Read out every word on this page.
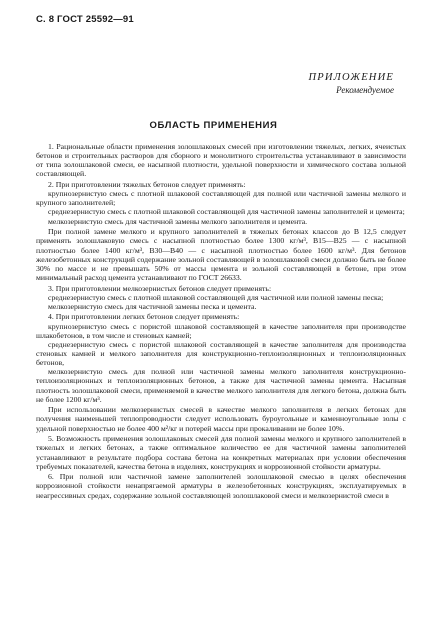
С. 8 ГОСТ 25592—91
ПРИЛОЖЕНИЕ
Рекомендуемое
ОБЛАСТЬ ПРИМЕНЕНИЯ

1. Рациональные области применения золошлаковых смесей при изготовлении тяжелых, легких, ячеистых бетонов и строительных растворов для сборного и монолитного строительства устанавливают в зависимости от типа золошлаковой смеси, ее насыпной плотности, удельной поверхности и химического состава зольной составляющей.

2. При приготовлении тяжелых бетонов следует применять:

крупнозернистую смесь с плотной шлаковой составляющей для полной или частичной замены мелкого и крупного заполнителей;

среднезернистую смесь с плотной шлаковой составляющей для частичной замены заполнителей и цемента;

мелкозернистую смесь для частичной замены мелкого заполнителя и цемента.

При полной замене мелкого и крупного заполнителей в тяжелых бетонах классов до В 12,5 следует применять золошлаковую смесь с насыпной плотностью более 1300 кг/м³, В15—В25 — с насыпной плотностью более 1400 кг/м³, В30—В40 — с насыпной плотностью более 1600 кг/м³. Для бетонов железобетонных конструкций содержание зольной составляющей в золошлаковой смеси должно быть не более 30% по массе и не превышать 50% от массы цемента и зольной составляющей в бетоне, при этом минимальный расход цемента устанавливают по ГОСТ 26633.

3. При приготовлении мелкозернистых бетонов следует применять:

среднезернистую смесь с плотной шлаковой составляющей для частичной или полной замены песка;

мелкозернистую смесь для частичной замены песка и цемента.

4. При приготовлении легких бетонов следует применять:

крупнозернистую смесь с пористой шлаковой составляющей в качестве заполнителя при производстве шлакобетонов, в том числе и стеновых камней;

среднезернистую смесь с пористой шлаковой составляющей в качестве заполнителя для производства стеновых камней и мелкого заполнителя для конструкционно-теплоизоляционных и теплоизоляционных бетонов,

мелкозернистую смесь для полной или частичной замены мелкого заполнителя конструкционно-теплоизоляционных и теплоизоляционных бетонов, а также для частичной замены цемента. Насыпная плотность золошлаковой смеси, применяемой в качестве мелкого заполнителя для легкого бетона, должна быть не более 1200 кг/м³.

При использовании мелкозернистых смесей в качестве мелкого заполнителя в легких бетонах для получения наименьшей теплопроводности следует использовать буроугольные и каменноугольные золы с удельной поверхностью не более 400 м²/кг и потерей массы при прокаливании не более 10%.

5. Возможность применения золошлаковых смесей для полной замены мелкого и крупного заполнителей в тяжелых и легких бетонах, а также оптимальное количество ее для частичной замены заполнителей устанавливают в результате подбора состава бетона на конкретных материалах при условии обеспечения требуемых показателей, качества бетона в изделиях, конструкциях и коррозионной стойкости арматуры.

6. При полной или частичной замене заполнителей золошлаковой смесью в целях обеспечения коррозионной стойкости ненапрягаемой арматуры в железобетонных конструкциях, эксплуатируемых в неагрессивных средах, содержание зольной составляющей золошлаковой смеси и мелкозернистой смеси в
